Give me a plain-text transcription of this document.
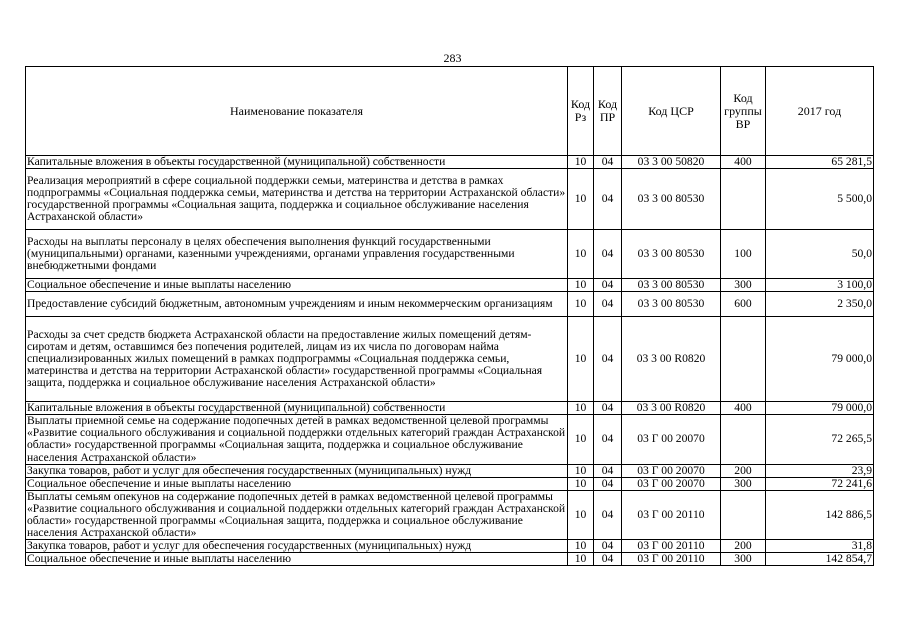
283
Наименование показателя	Код Рз	Код ПР	Код ЦСР	Код группы ВР	2017 год
Капитальные вложения в объекты государственной (муниципальной) собственности	10	04	03 3 00 50820	400	65 281,5
Реализация мероприятий в сфере социальной поддержки семьи, материнства и детства в рамках подпрограммы «Социальная поддержка семьи, материнства и детства на территории Астраханской области» государственной программы «Социальная защита, поддержка и социальное обслуживание населения Астраханской области»	10	04	03 3 00 80530		5 500,0
Расходы на выплаты персоналу в целях обеспечения выполнения функций государственными (муниципальными) органами, казенными учреждениями, органами управления государственными внебюджетными фондами	10	04	03 3 00 80530	100	50,0
Социальное обеспечение и иные выплаты населению	10	04	03 3 00 80530	300	3 100,0
Предоставление субсидий бюджетным, автономным учреждениям и иным некоммерческим организациям	10	04	03 3 00 80530	600	2 350,0
Расходы за счет средств бюджета Астраханской области на предоставление жилых помещений детям-сиротам и детям, оставшимся без попечения родителей, лицам из их числа по договорам найма специализированных жилых помещений в рамках подпрограммы «Социальная поддержка семьи, материнства и детства на территории Астраханской области» государственной программы «Социальная защита, поддержка и социальное обслуживание населения Астраханской области»	10	04	03 3 00 R0820		79 000,0
Капитальные вложения в объекты государственной (муниципальной) собственности	10	04	03 3 00 R0820	400	79 000,0
Выплаты приемной семье на содержание подопечных детей в рамках ведомственной целевой программы «Развитие социального обслуживания и социальной поддержки отдельных категорий граждан Астраханской области» государственной программы «Социальная защита, поддержка и социальное обслуживание населения Астраханской области»	10	04	03 Г 00 20070		72 265,5
Закупка товаров, работ и услуг для обеспечения государственных (муниципальных) нужд	10	04	03 Г 00 20070	200	23,9
Социальное обеспечение и иные выплаты населению	10	04	03 Г 00 20070	300	72 241,6
Выплаты семьям опекунов на содержание подопечных детей в рамках ведомственной целевой программы «Развитие социального обслуживания и социальной поддержки отдельных категорий граждан Астраханской области» государственной программы «Социальная защита, поддержка и социальное обслуживание населения Астраханской области»	10	04	03 Г 00 20110		142 886,5
Закупка товаров, работ и услуг для обеспечения государственных (муниципальных) нужд	10	04	03 Г 00 20110	200	31,8
Социальное обеспечение и иные выплаты населению	10	04	03 Г 00 20110	300	142 854,7
